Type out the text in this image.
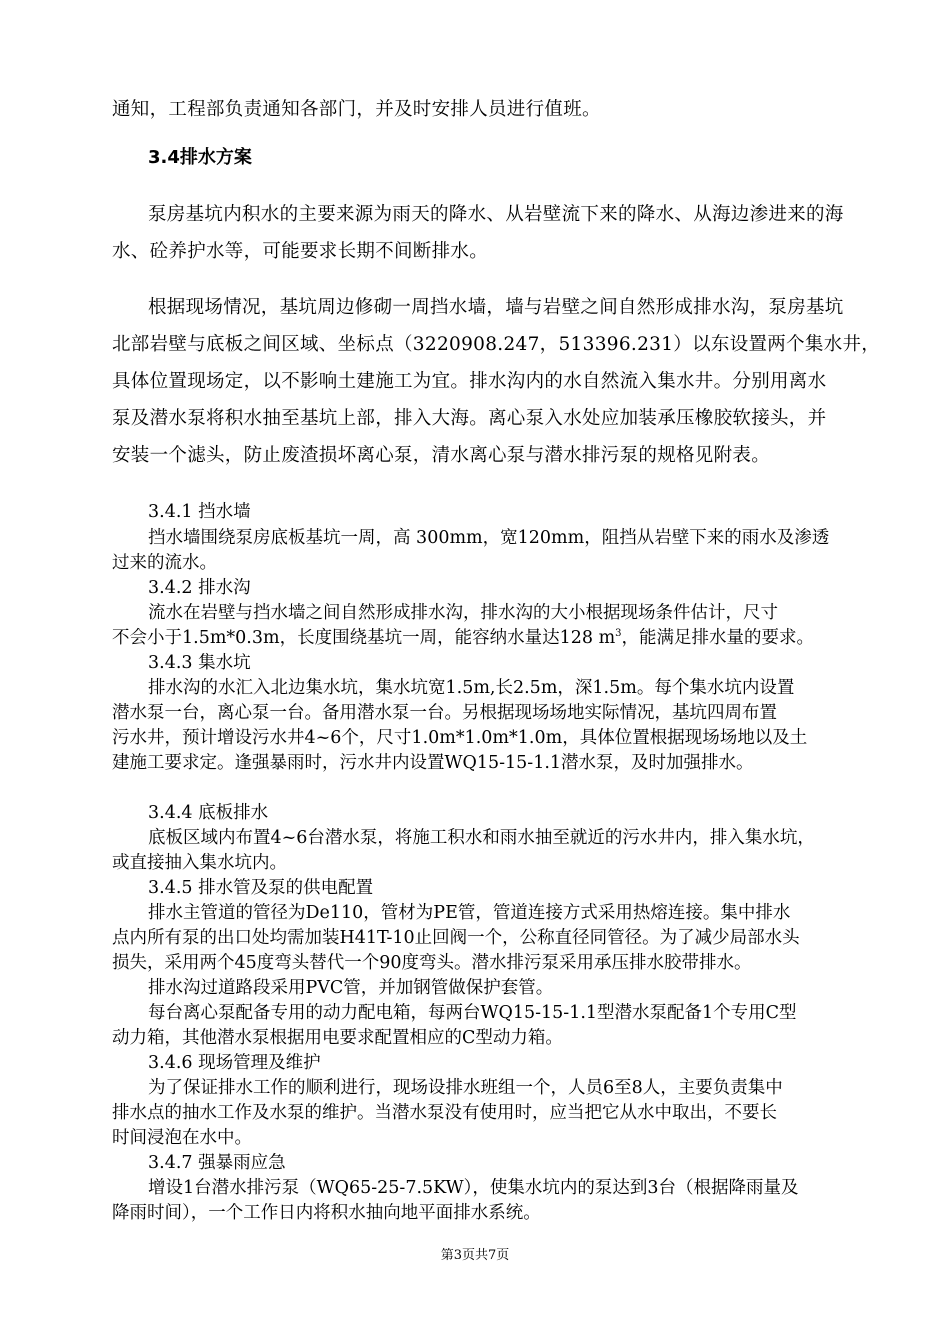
通知，工程部负责通知各部门，并及时安排人员进行值班。
3.4排水方案
泵房基坑内积水的主要来源为雨天的降水、从岩壁流下来的降水、从海边渗进来的海
水、砼养护水等，可能要求长期不间断排水。
根据现场情况，基坑周边修砌一周挡水墙，墙与岩壁之间自然形成排水沟，泵房基坑
北部岩壁与底板之间区域、坐标点（3220908.247，513396.231）以东设置两个集水井，
具体位置现场定，以不影响土建施工为宜。排水沟内的水自然流入集水井。分别用离水
泵及潜水泵将积水抽至基坑上部，排入大海。离心泵入水处应加装承压橡胶软接头，并
安装一个滤头，防止废渣损坏离心泵，清水离心泵与潜水排污泵的规格见附表。
3.4.1 挡水墙
挡水墙围绕泵房底板基坑一周，高 300mm，宽120mm，阻挡从岩壁下来的雨水及渗透
过来的流水。
3.4.2 排水沟
流水在岩壁与挡水墙之间自然形成排水沟，排水沟的大小根据现场条件估计，尺寸
不会小于1.5m*0.3m，长度围绕基坑一周，能容纳水量达128 $m^3$，能满足排水量的要求。
3.4.3 集水坑
排水沟的水汇入北边集水坑，集水坑宽1.5m,长2.5m，深1.5m。每个集水坑内设置
潜水泵一台，离心泵一台。备用潜水泵一台。另根据现场场地实际情况，基坑四周布置
污水井，预计增设污水井4~6个，尺寸1.0m*1.0m*1.0m，具体位置根据现场场地以及土
建施工要求定。逢强暴雨时，污水井内设置WQ15-15-1.1潜水泵，及时加强排水。
3.4.4 底板排水
底板区域内布置4~6台潜水泵，将施工积水和雨水抽至就近的污水井内，排入集水坑，
或直接抽入集水坑内。
3.4.5 排水管及泵的供电配置
排水主管道的管径为De110，管材为PE管，管道连接方式采用热熔连接。集中排水
点内所有泵的出口处均需加装H41T-10止回阀一个，公称直径同管径。为了减少局部水头
损失，采用两个45度弯头替代一个90度弯头。潜水排污泵采用承压排水胶带排水。
排水沟过道路段采用PVC管，并加钢管做保护套管。
每台离心泵配备专用的动力配电箱，每两台WQ15-15-1.1型潜水泵配备1个专用C型
动力箱，其他潜水泵根据用电要求配置相应的C型动力箱。
3.4.6 现场管理及维护
为了保证排水工作的顺利进行，现场设排水班组一个，人员6至8人，主要负责集中
排水点的抽水工作及水泵的维护。当潜水泵没有使用时，应当把它从水中取出，不要长
时间浸泡在水中。
3.4.7 强暴雨应急
增设1台潜水排污泵（WQ65-25-7.5KW），使集水坑内的泵达到3台（根据降雨量及
降雨时间），一个工作日内将积水抽向地平面排水系统。
第3页共7页
